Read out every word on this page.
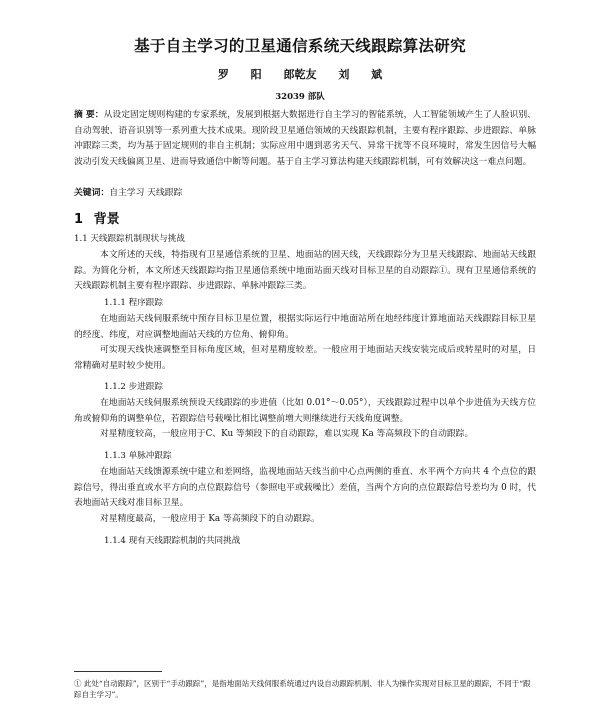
基于自主学习的卫星通信系统天线跟踪算法研究
罗 阳 郎乾友 刘 斌
32039 部队
摘 要：从设定固定规则构建的专家系统，发展到根据大数据进行自主学习的智能系统，人工智能领域产生了人脸识别、自动驾驶、语音识别等一系列重大技术成果。现阶段卫星通信领域的天线跟踪机制，主要有程序跟踪、步进跟踪、单脉冲跟踪三类，均为基于固定规则的非自主机制；实际应用中遇到恶劣天气、异常干扰等不良环境时，常发生因信号大幅波动引发天线偏离卫星、进而导致通信中断等问题。基于自主学习算法构建天线跟踪机制，可有效解决这一难点问题。
关键词：自主学习 天线跟踪
1 背景
1.1 天线跟踪机制现状与挑战
本文所述的天线，特指现有卫星通信系统的卫星、地面站的固天线，天线跟踪分为卫星天线跟踪、地面站天线跟踪。为简化分析，本文所述天线跟踪均指卫星通信系统中地面站面天线对目标卫星的自动跟踪①。现有卫星通信系统的天线跟踪机制主要有程序跟踪、步进跟踪、单脉冲跟踪三类。
1.1.1 程序跟踪
在地面站天线伺服系统中预存目标卫星位置，根据实际运行中地面站所在地经纬度计算地面站天线跟踪目标卫星的经度、纬度，对应调整地面站天线的方位角、俯仰角。
可实现天线快速调整至目标角度区域，但对星精度较差。一般应用于地面站天线安装完成后或转星时的对星，日常精确对星时较少使用。
1.1.2 步进跟踪
在地面站天线伺服系统预设天线跟踪的步进值（比如 0.01°～0.05°），天线跟踪过程中以单个步进值为天线方位角或俯仰角的调整单位，若跟踪信号载噪比相比调整前增大则继续进行天线角度调整。
对星精度较高，一般应用于C、Ku 等频段下的自动跟踪，难以实现 Ka 等高频段下的自动跟踪。
1.1.3 单脉冲跟踪
在地面站天线馈源系统中建立和差网络，监视地面站天线当前中心点两侧的垂直、水平两个方向共 4 个点位的跟踪信号，得出垂直或水平方向的点位跟踪信号（参照电平或载噪比）差值，当两个方向的点位跟踪信号差均为 0 时，代表地面站天线对准目标卫星。
对星精度最高，一般应用于 Ka 等高频段下的自动跟踪。
1.1.4 现有天线跟踪机制的共同挑战
① 此处“自动跟踪”，区别于“手动跟踪”，是指地面站天线伺服系统通过内设自动跟踪机制、非人为操作实现对目标卫星的跟踪，不同于“跟踪自主学习”。
